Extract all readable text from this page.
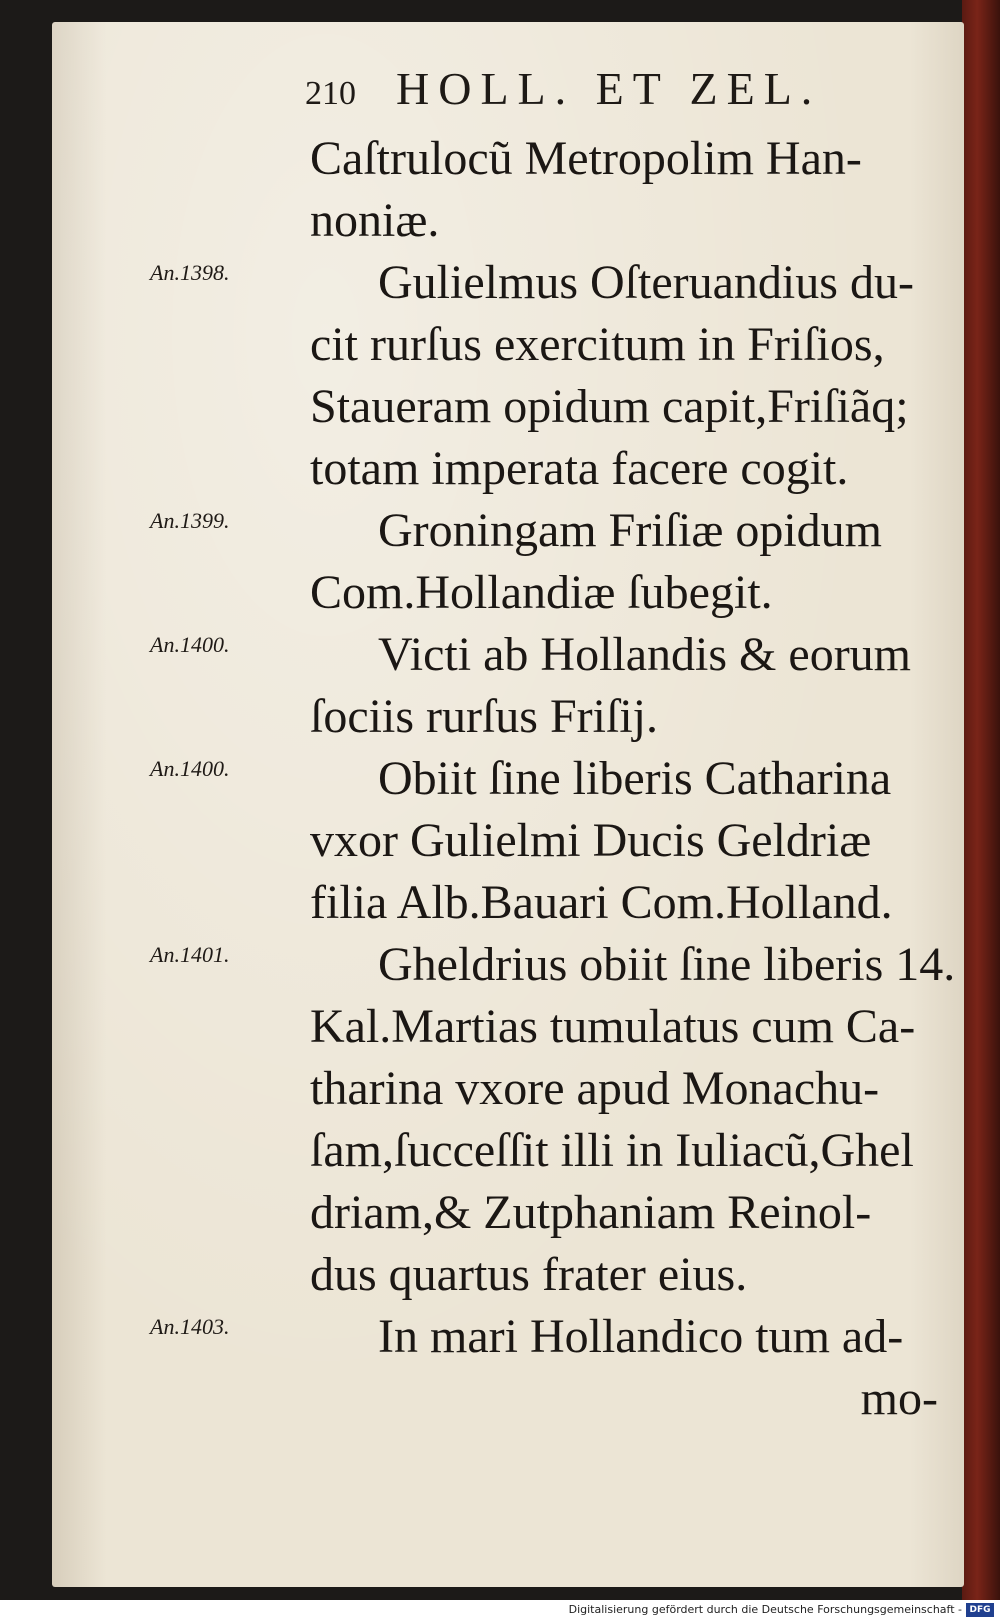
210 HOLL. ET ZEL.
Caſtrulocũ Metropolim Han-
noniæ.
Gulielmus Oſteruandius du-
cit rurſus exercitum in Friſios,
Staueram opidum capit,Friſiãq;
totam imperata facere cogit.
Groningam Friſiæ opidum
Com.Hollandiæ ſubegit.
Victi ab Hollandis & eorum
ſociis rurſus Friſij.
Obiit ſine liberis Catharina
vxor Gulielmi Ducis Geldriæ
filia Alb.Bauari Com.Holland.
Gheldrius obiit ſine liberis 14.
Kal.Martias tumulatus cum Ca-
tharina vxore apud Monachu-
ſam,ſucceſſit illi in Iuliacũ,Ghel
driam,& Zutphaniam Reinol-
dus quartus frater eius.
In mari Hollandico tum ad-
mo-
An.1398.
An.1399.
An.1400.
An.1400.
An.1401.
An.1403.
Digitalisierung gefördert durch die Deutsche Forschungsgemeinschaft - DFG
